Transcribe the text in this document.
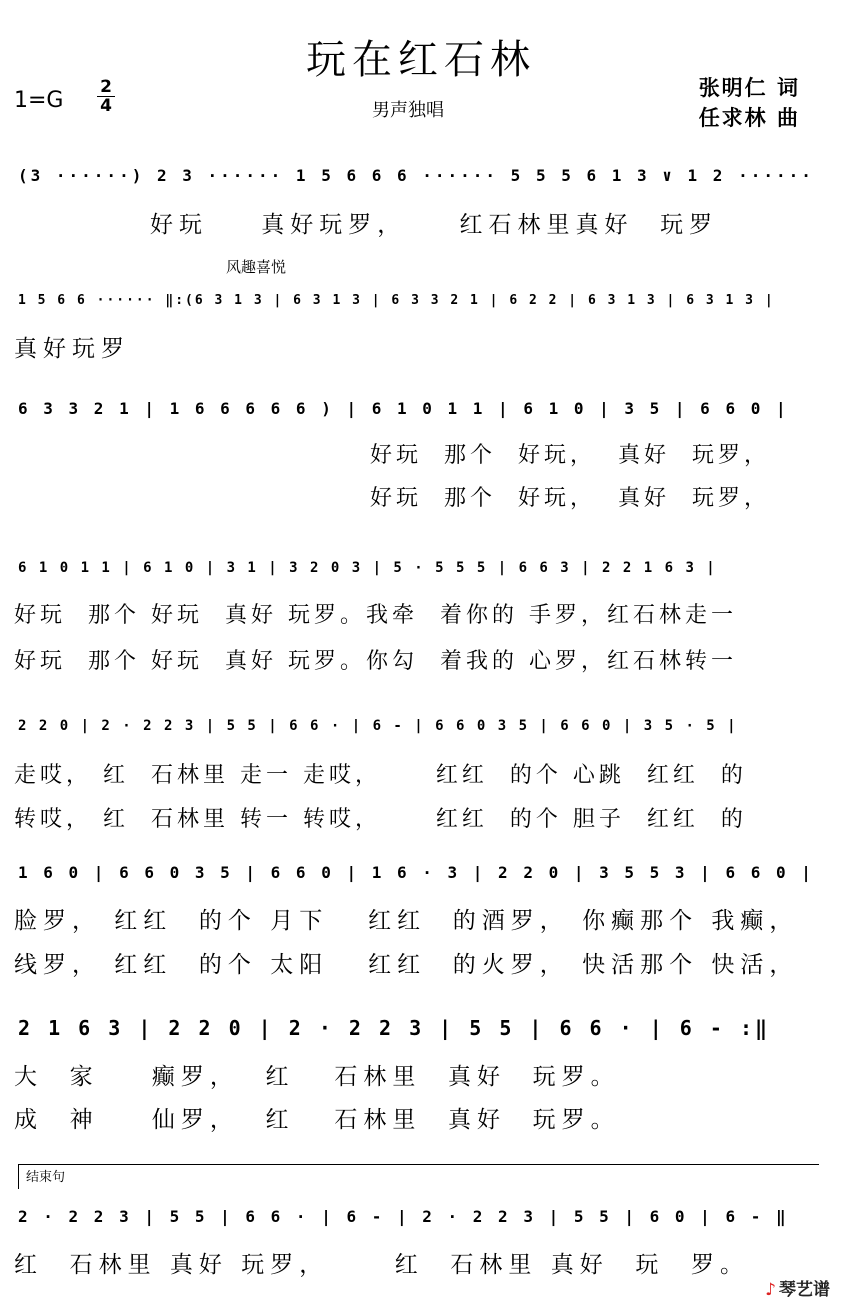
玩在红石林
1=G
2
4	男声独唱
张明仁 词
任求林 曲
(3 ······) 2 3 ······ 1 5 6 6 6 ······ 5 5 5 6 1 3 ∨ 1 2 ······
好玩    真好玩罗，    红石林里真好  玩罗
风趣喜悦
1 5 6 6 ······ ‖:(6 3 1 3 | 6 3 1 3 | 6 3 3 2 1 | 6 2 2 | 6 3 1 3 | 6 3 1 3 |
真好玩罗
6 3 3 2 1 | 1 6 6 6 6 6 ) | 6 1 0 1 1 | 6 1 0 | 3 5 | 6 6 0 |
好玩  那个  好玩，  真好  玩罗，
好玩  那个  好玩，  真好  玩罗，
6 1 0 1 1 | 6 1 0 | 3 1 | 3 2 0 3 | 5 · 5 5 5 | 6 6 3 | 2 2 1 6 3 |
好玩  那个 好玩  真好 玩罗。我牵  着你的 手罗，红石林走一
好玩  那个 好玩  真好 玩罗。你勾  着我的 心罗，红石林转一
2 2 0 | 2 · 2 2 3 | 5 5 | 6 6 · | 6 - | 6 6 0 3 5 | 6 6 0 | 3 5 · 5 |
走哎， 红  石林里 走一 走哎，     红红  的个 心跳  红红  的
转哎， 红  石林里 转一 转哎，     红红  的个 胆子  红红  的
1 6 0 | 6 6 0 3 5 | 6 6 0 | 1 6 · 3 | 2 2 0 | 3 5 5 3 | 6 6 0 |
脸罗， 红红  的个 月下   红红  的酒罗， 你癫那个 我癫，
线罗， 红红  的个 太阳   红红  的火罗， 快活那个 快活，
2 1 6 3 | 2 2 0 | 2 · 2 2 3 | 5 5 | 6 6 · | 6 - :‖
大  家    癫罗，  红   石林里  真好  玩罗。
成  神    仙罗，  红   石林里  真好  玩罗。
结束句
2 · 2 2 3 | 5 5 | 6 6 · | 6 - | 2 · 2 2 3 | 5 5 | 6 0 | 6 - ‖
红  石林里 真好 玩罗，     红  石林里 真好  玩  罗。
♪ 琴艺谱
